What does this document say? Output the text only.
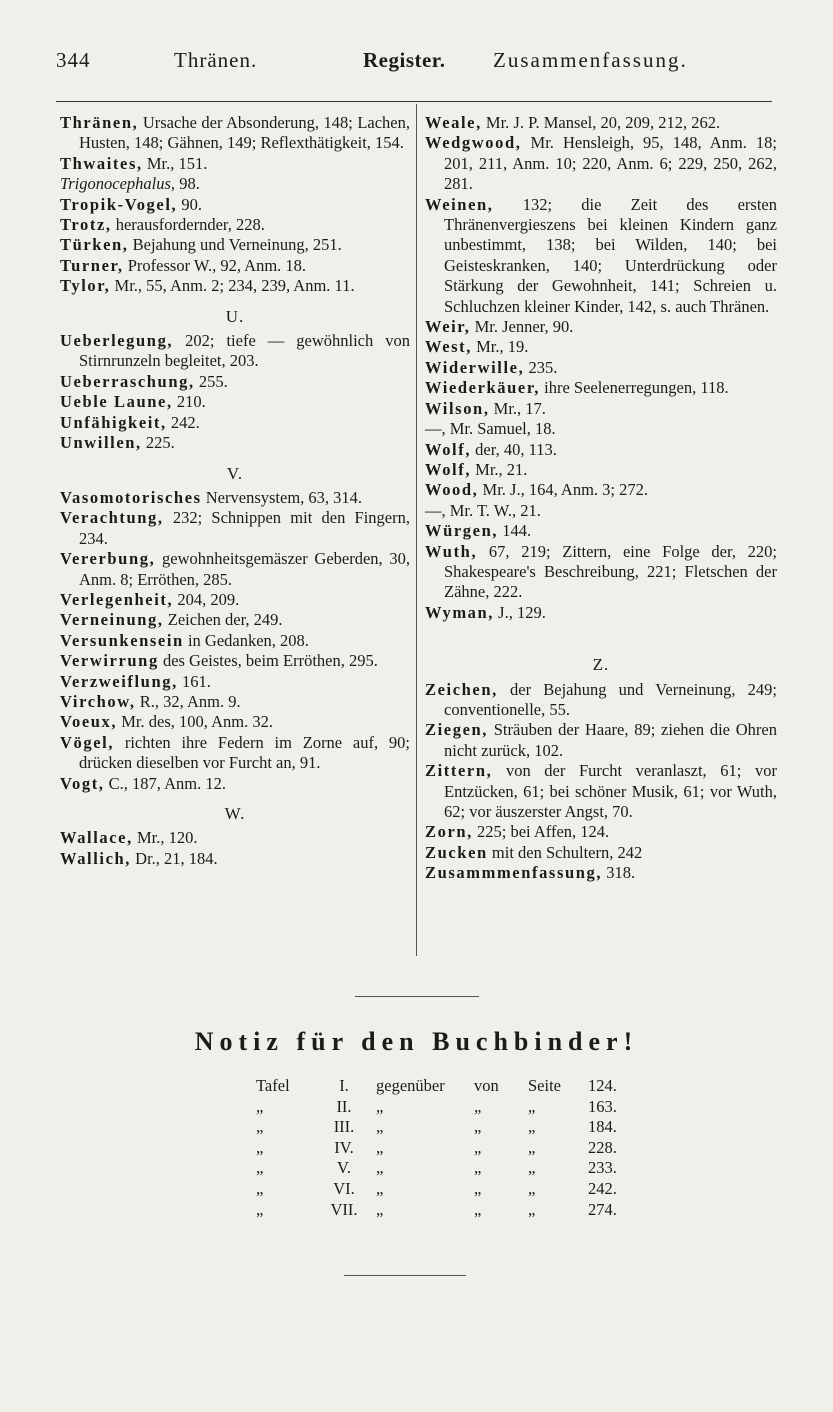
344	Thränen.	Register. Zusammenfassung.
Thränen, Ursache der Absonderung, 148; Lachen, Husten, 148; Gähnen, 149; Reflexthätigkeit, 154.
Thwaites, Mr., 151.
Trigonocephalus, 98.
Tropik-Vogel, 90.
Trotz, herausfordernder, 228.
Türken, Bejahung und Verneinung, 251.
Turner, Professor W., 92, Anm. 18.
Tylor, Mr., 55, Anm. 2; 234, 239, Anm. 11.
U.
Ueberlegung, 202; tiefe — gewöhnlich von Stirnrunzeln begleitet, 203.
Ueberraschung, 255.
Ueble Laune, 210.
Unfähigkeit, 242.
Unwillen, 225.
V.
Vasomotorisches Nervensystem, 63, 314.
Verachtung, 232; Schnippen mit den Fingern, 234.
Vererbung, gewohnheitsgemäszer Geberden, 30, Anm. 8; Erröthen, 285.
Verlegenheit, 204, 209.
Verneinung, Zeichen der, 249.
Versunkensein in Gedanken, 208.
Verwirrung des Geistes, beim Erröthen, 295.
Verzweiflung, 161.
Virchow, R., 32, Anm. 9.
Voeux, Mr. des, 100, Anm. 32.
Vögel, richten ihre Federn im Zorne auf, 90; drücken dieselben vor Furcht an, 91.
Vogt, C., 187, Anm. 12.
W.
Wallace, Mr., 120.
Wallich, Dr., 21, 184.
Weale, Mr. J. P. Mansel, 20, 209, 212, 262.
Wedgwood, Mr. Hensleigh, 95, 148, Anm. 18; 201, 211, Anm. 10; 220, Anm. 6; 229, 250, 262, 281.
Weinen, 132; die Zeit des ersten Thränenvergieszens bei kleinen Kindern ganz unbestimmt, 138; bei Wilden, 140; bei Geisteskranken, 140; Unterdrückung oder Stärkung der Gewohnheit, 141; Schreien u. Schluchzen kleiner Kinder, 142, s. auch Thränen.
Weir, Mr. Jenner, 90.
West, Mr., 19.
Widerwille, 235.
Wiederkäuer, ihre Seelenerregungen, 118.
Wilson, Mr., 17.
—, Mr. Samuel, 18.
Wolf, der, 40, 113.
Wolf, Mr., 21.
Wood, Mr. J., 164, Anm. 3; 272.
—, Mr. T. W., 21.
Würgen, 144.
Wuth, 67, 219; Zittern, eine Folge der, 220; Shakespeare's Beschreibung, 221; Fletschen der Zähne, 222.
Wyman, J., 129.
Z.
Zeichen, der Bejahung und Verneinung, 249; conventionelle, 55.
Ziegen, Sträuben der Haare, 89; ziehen die Ohren nicht zurück, 102.
Zittern, von der Furcht veranlaszt, 61; vor Entzücken, 61; bei schöner Musik, 61; vor Wuth, 62; vor äuszerster Angst, 70.
Zorn, 225; bei Affen, 124.
Zucken mit den Schultern, 242
Zusammmenfassung, 318.
Notiz für den Buchbinder!
Tafel	I.	gegenüber	von	Seite	124.
„	II.	„	„	„	163.
„	III.	„	„	„	184.
„	IV.	„	„	„	228.
„	V.	„	„	„	233.
„	VI.	„	„	„	242.
„	VII.	„	„	„	274.
